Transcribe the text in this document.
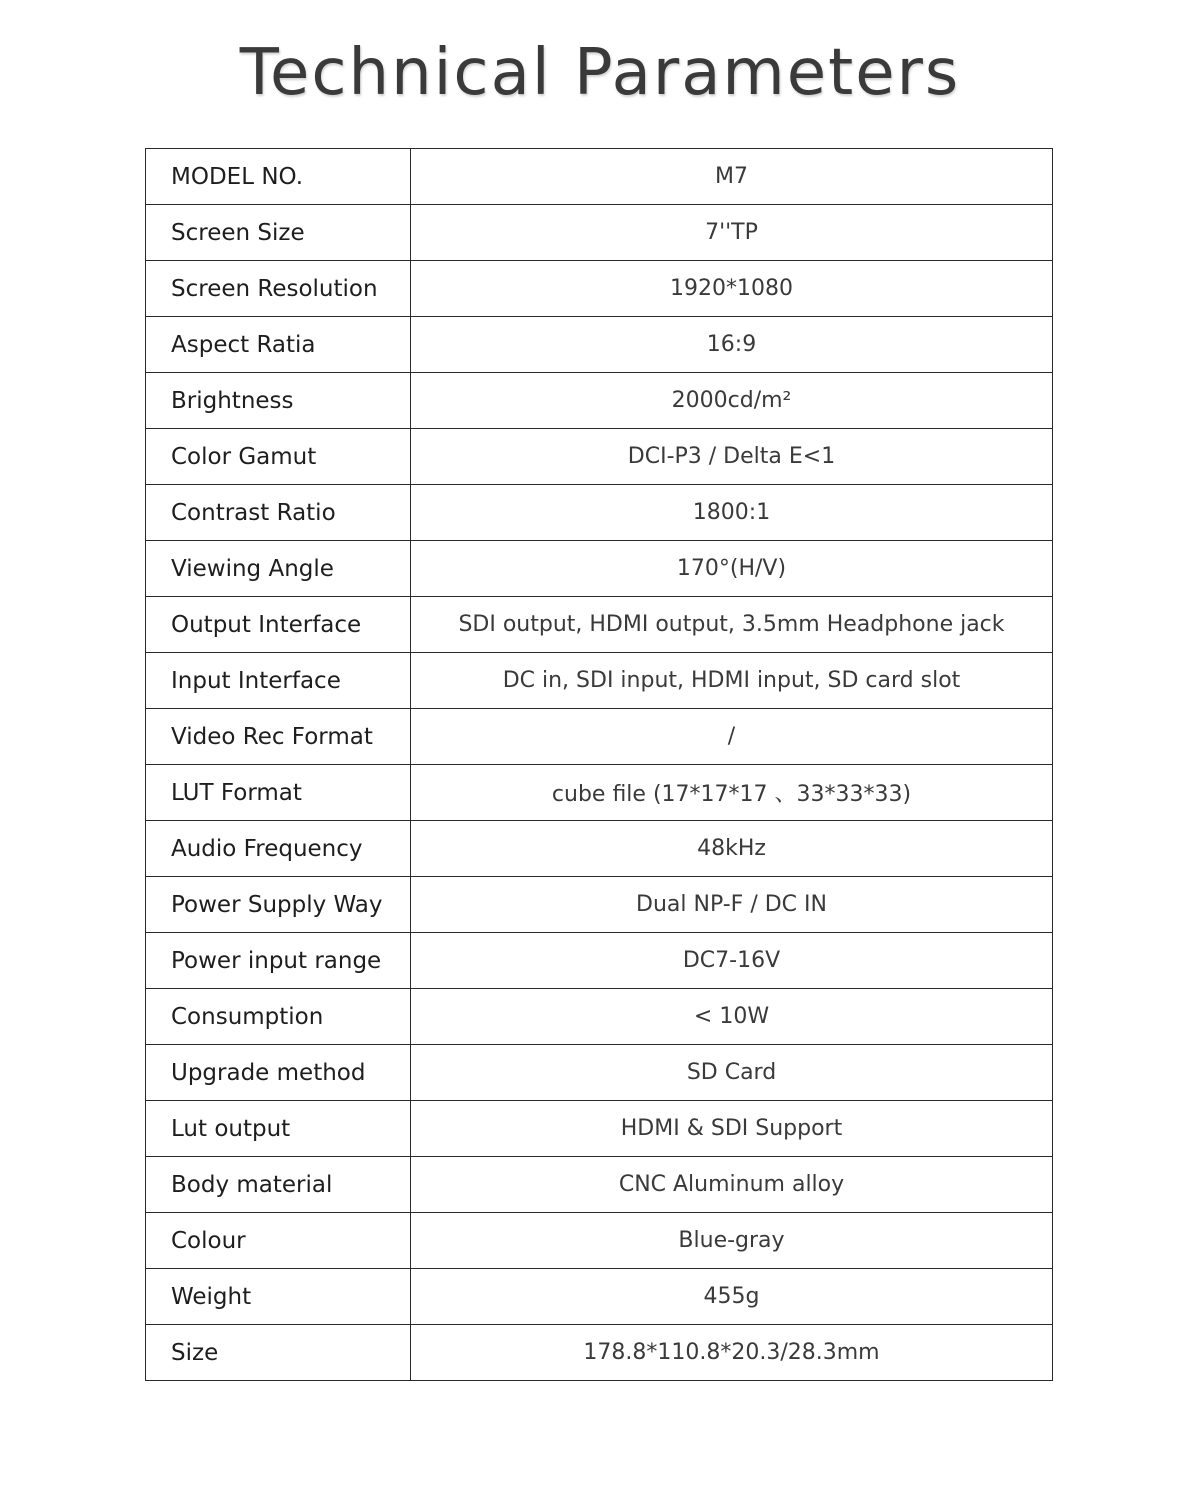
Technical Parameters
MODEL NO.	M7
Screen Size	7''TP
Screen Resolution	1920*1080
Aspect Ratia	16:9
Brightness	2000cd/m²
Color Gamut	DCI-P3 / Delta E<1
Contrast Ratio	1800:1
Viewing Angle	170°(H/V)
Output Interface	SDI output, HDMI output, 3.5mm Headphone jack
Input Interface	DC in, SDI input, HDMI input, SD card slot
Video Rec Format	/
LUT Format	cube file (17*17*17 、33*33*33)
Audio Frequency	48kHz
Power Supply Way	Dual NP-F / DC IN
Power input range	DC7-16V
Consumption	< 10W
Upgrade method	SD Card
Lut output	HDMI & SDI Support
Body material	CNC Aluminum alloy
Colour	Blue-gray
Weight	455g
Size	178.8*110.8*20.3/28.3mm
